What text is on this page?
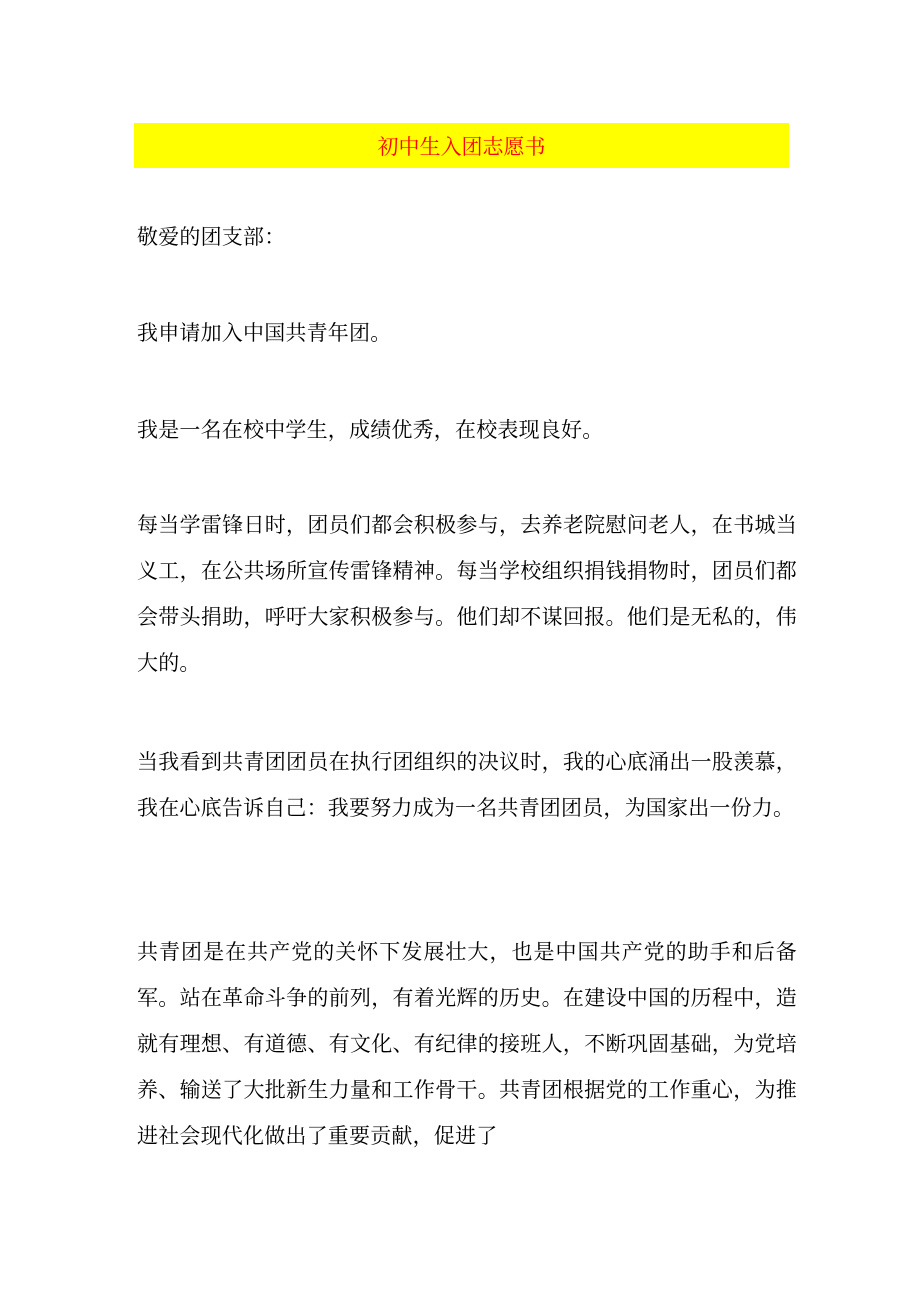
初中生入团志愿书

敬爱的团支部：

我申请加入中国共青年团。

我是一名在校中学生，成绩优秀，在校表现良好。

每当学雷锋日时，团员们都会积极参与，去养老院慰问老人，在书城当义工，在公共场所宣传雷锋精神。每当学校组织捐钱捐物时，团员们都会带头捐助，呼吁大家积极参与。他们却不谋回报。他们是无私的，伟大的。

当我看到共青团团员在执行团组织的决议时，我的心底涌出一股羡慕，我在心底告诉自己：我要努力成为一名共青团团员，为国家出一份力。

共青团是在共产党的关怀下发展壮大，也是中国共产党的助手和后备军。站在革命斗争的前列，有着光辉的历史。在建设中国的历程中，造就有理想、有道德、有文化、有纪律的接班人，不断巩固基础，为党培养、输送了大批新生力量和工作骨干。共青团根据党的工作重心，为推进社会现代化做出了重要贡献，促进了
